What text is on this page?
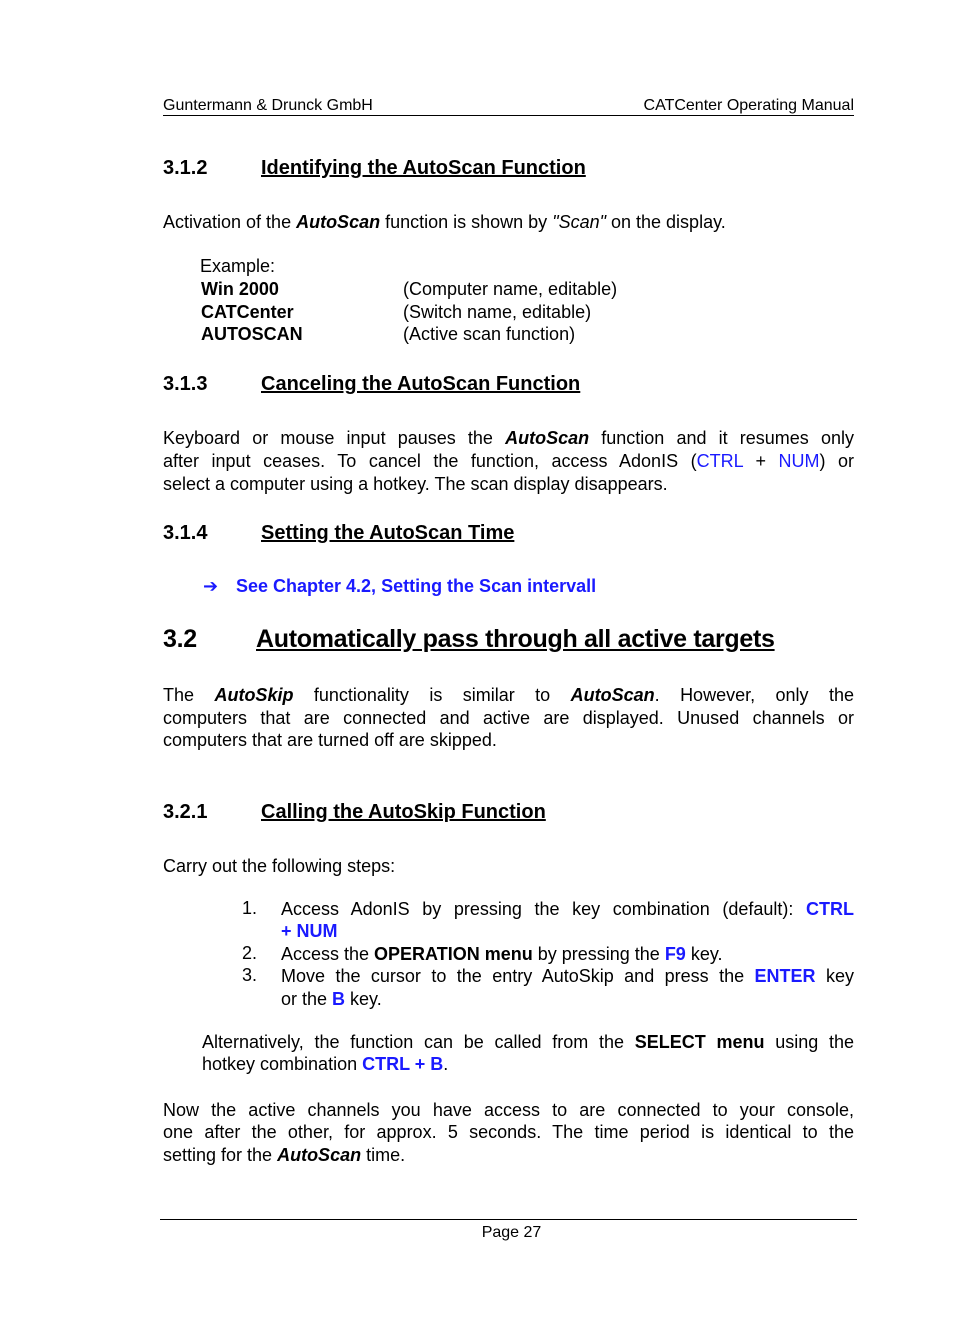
Guntermann & Drunck GmbH	CATCenter Operating Manual
3.1.2	Identifying the AutoScan Function
Activation of the AutoScan function is shown by "Scan" on the display.
Example:
Win 2000	(Computer name, editable)
CATCenter	(Switch name, editable)
AUTOSCAN	(Active scan function)
3.1.3	Canceling the AutoScan Function
Keyboard or mouse input pauses the AutoScan function and it resumes only
after input ceases. To cancel the function, access AdonIS (CTRL + NUM) or
select a computer using a hotkey. The scan display disappears.
3.1.4	Setting the AutoScan Time
➔ See Chapter 4.2, Setting the Scan intervall
3.2 Automatically pass through all active targets
The AutoSkip functionality is similar to AutoScan. However, only the
computers that are connected and active are displayed. Unused channels or
computers that are turned off are skipped.
3.2.1	Calling the AutoSkip Function
Carry out the following steps:
1. Access AdonIS by pressing the key combination (default): CTRL
+ NUM
2. Access the OPERATION menu by pressing the F9 key.
3. Move the cursor to the entry AutoSkip and press the ENTER key
or the B key.
Alternatively, the function can be called from the SELECT menu using the
hotkey combination CTRL + B.
Now the active channels you have access to are connected to your console,
one after the other, for approx. 5 seconds. The time period is identical to the
setting for the AutoScan time.
Page 27
